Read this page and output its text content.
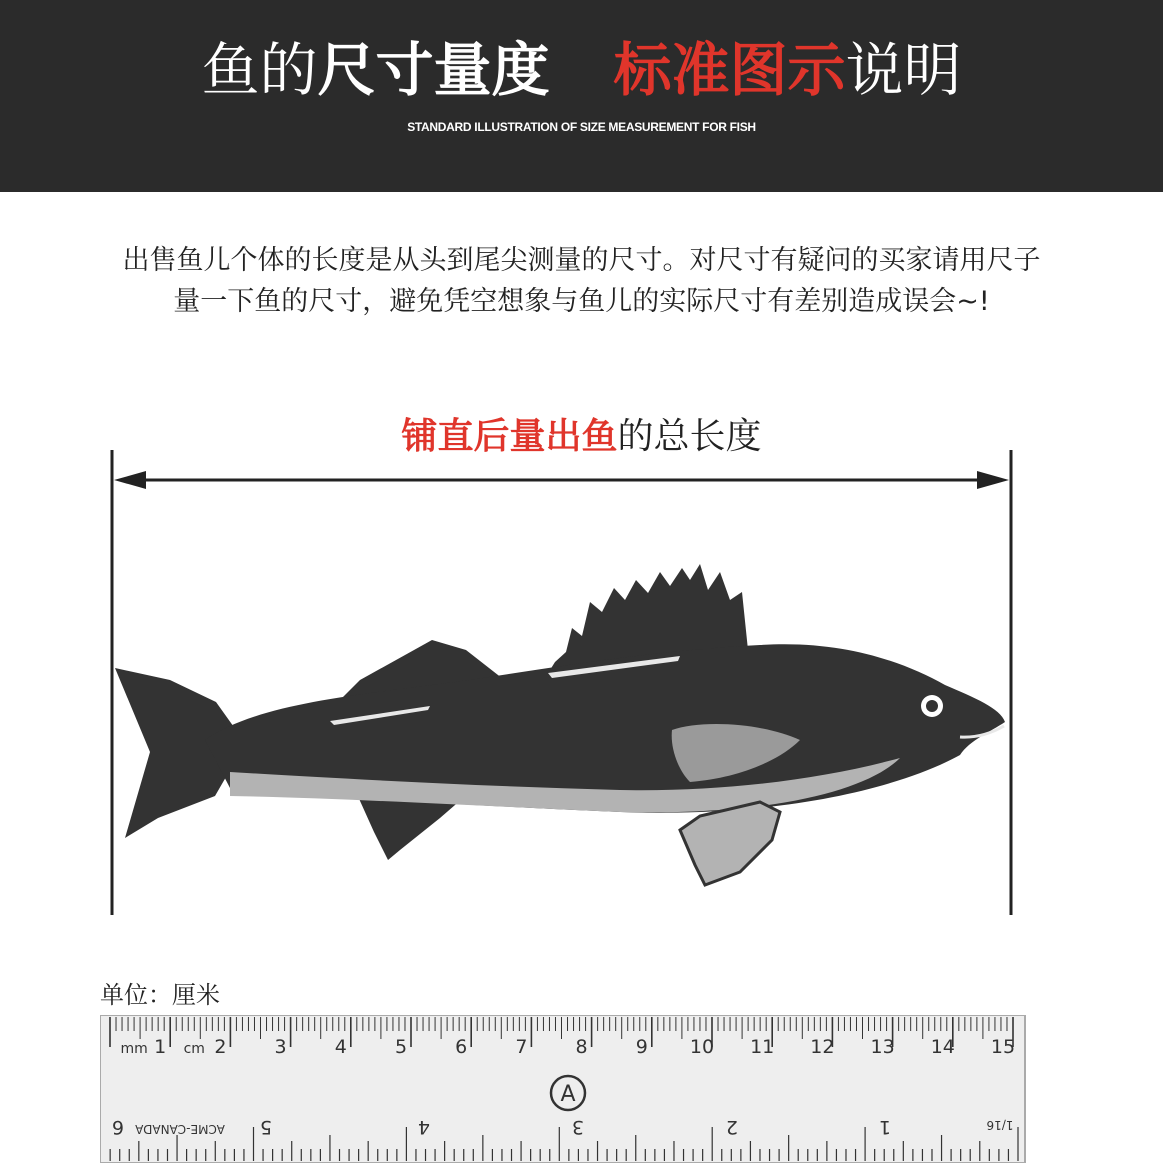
鱼的尺寸量度 标准图示说明
STANDARD ILLUSTRATION OF SIZE MEASUREMENT FOR FISH
出售鱼儿个体的长度是从头到尾尖测量的尺寸。对尺寸有疑问的买家请用尺子
量一下鱼的尺寸，避免凭空想象与鱼儿的实际尺寸有差别造成误会~!
铺直后量出鱼的总长度
单位：厘米
mm 1 cm 2	3	4	5	6	7	8	9 10 11 12 13 14 15
A
6	5	4	3	2	1	1/16
ACME-CANADA
